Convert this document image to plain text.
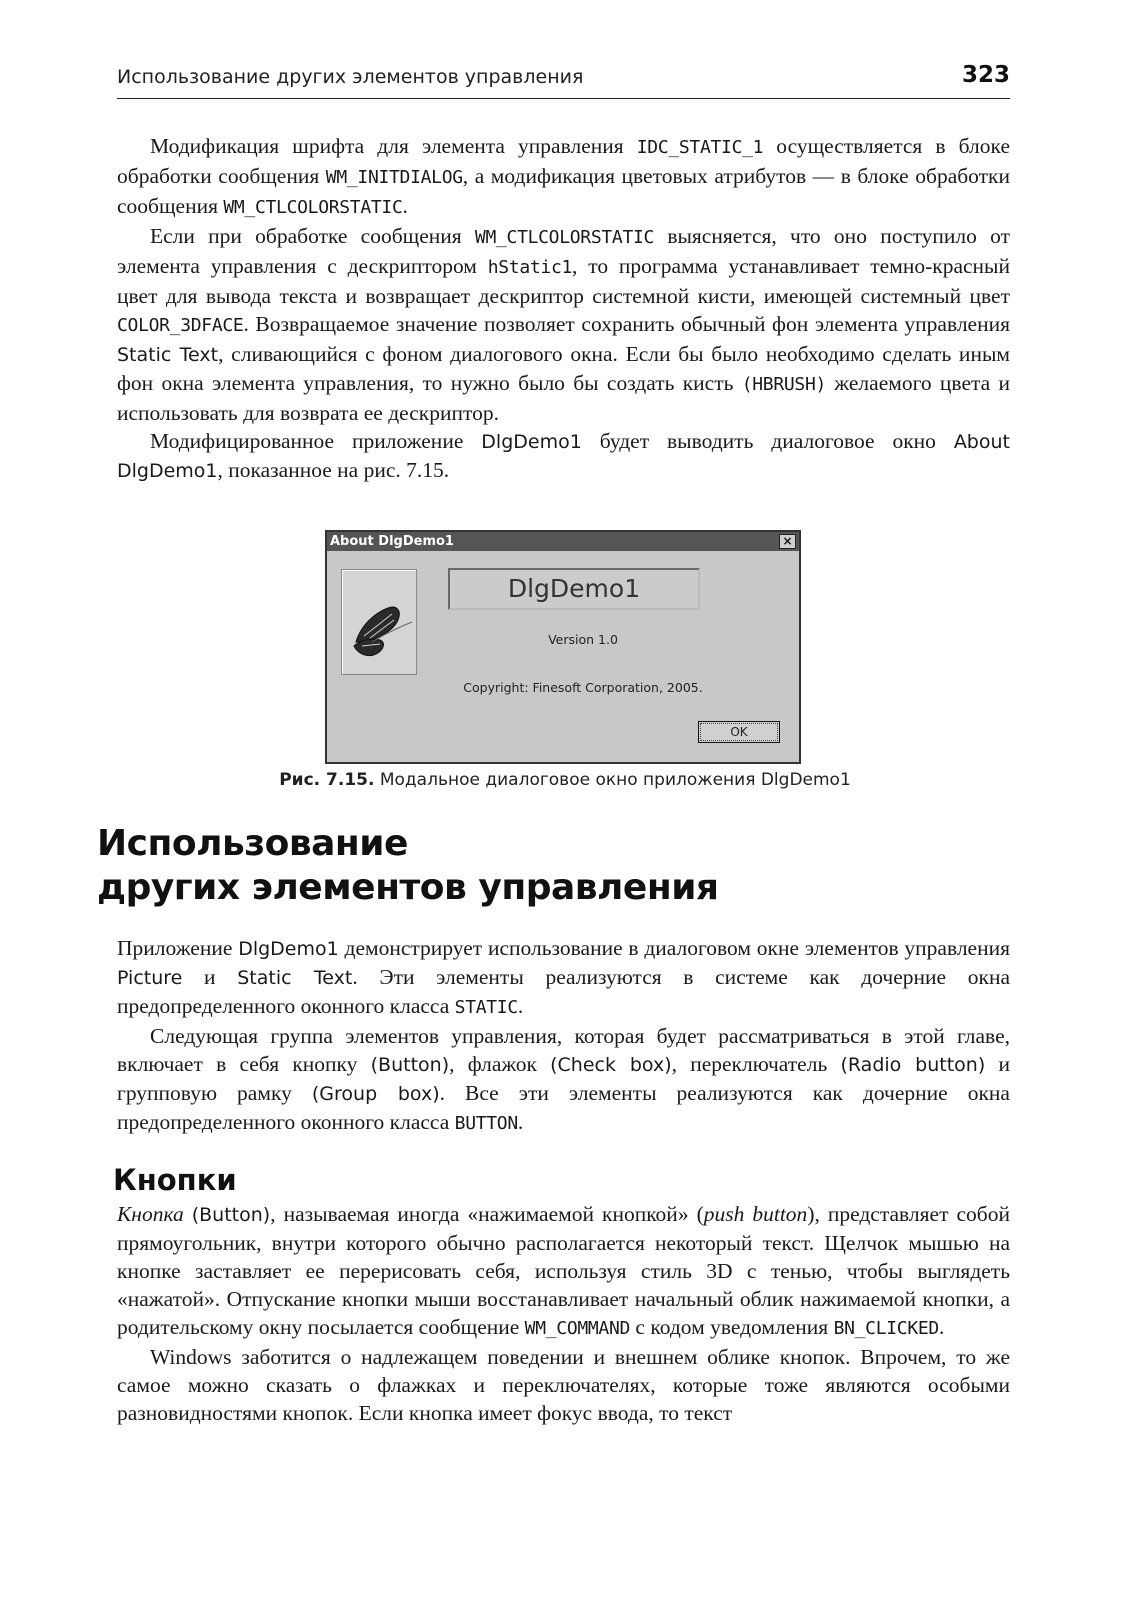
Использование других элементов управления	323

Модификация шрифта для элемента управления IDC_STATIC_1 осуществляется в блоке обработки сообщения WM_INITDIALOG, а модификация цветовых атрибутов — в блоке обработки сообщения WM_CTLCOLORSTATIC.

Если при обработке сообщения WM_CTLCOLORSTATIC выясняется, что оно поступило от элемента управления с дескриптором hStatic1, то программа устанавливает темно-красный цвет для вывода текста и возвращает дескриптор системной кисти, имеющей системный цвет COLOR_3DFACE. Возвращаемое значение позволяет сохранить обычный фон элемента управления Static Text, сливающийся с фоном диалогового окна. Если бы было необходимо сделать иным фон окна элемента управления, то нужно было бы создать кисть (HBRUSH) желаемого цвета и использовать для возврата ее дескриптор.

Модифицированное приложение DlgDemo1 будет выводить диалоговое окно About DlgDemo1, показанное на рис. 7.15.

About DlgDemo1	×
DlgDemo1
Version 1.0
Copyright: Finesoft Corporation, 2005.
OK
Рис. 7.15. Модальное диалоговое окно приложения DlgDemo1
Использование
других элементов управления

Приложение DlgDemo1 демонстрирует использование в диалоговом окне элементов управления Picture и Static Text. Эти элементы реализуются в системе как дочерние окна предопределенного оконного класса STATIC.

Следующая группа элементов управления, которая будет рассматриваться в этой главе, включает в себя кнопку (Button), флажок (Check box), переключатель (Radio button) и групповую рамку (Group box). Все эти элементы реализуются как дочерние окна предопределенного оконного класса BUTTON.

Кнопки

Кнопка (Button), называемая иногда «нажимаемой кнопкой» (push button), представляет собой прямоугольник, внутри которого обычно располагается некоторый текст. Щелчок мышью на кнопке заставляет ее перерисовать себя, используя стиль 3D с тенью, чтобы выглядеть «нажатой». Отпускание кнопки мыши восстанавливает начальный облик нажимаемой кнопки, а родительскому окну посылается сообщение WM_COMMAND с кодом уведомления BN_CLICKED.

Windows заботится о надлежащем поведении и внешнем облике кнопок. Впрочем, то же самое можно сказать о флажках и переключателях, которые тоже являются особыми разновидностями кнопок. Если кнопка имеет фокус ввода, то текст
